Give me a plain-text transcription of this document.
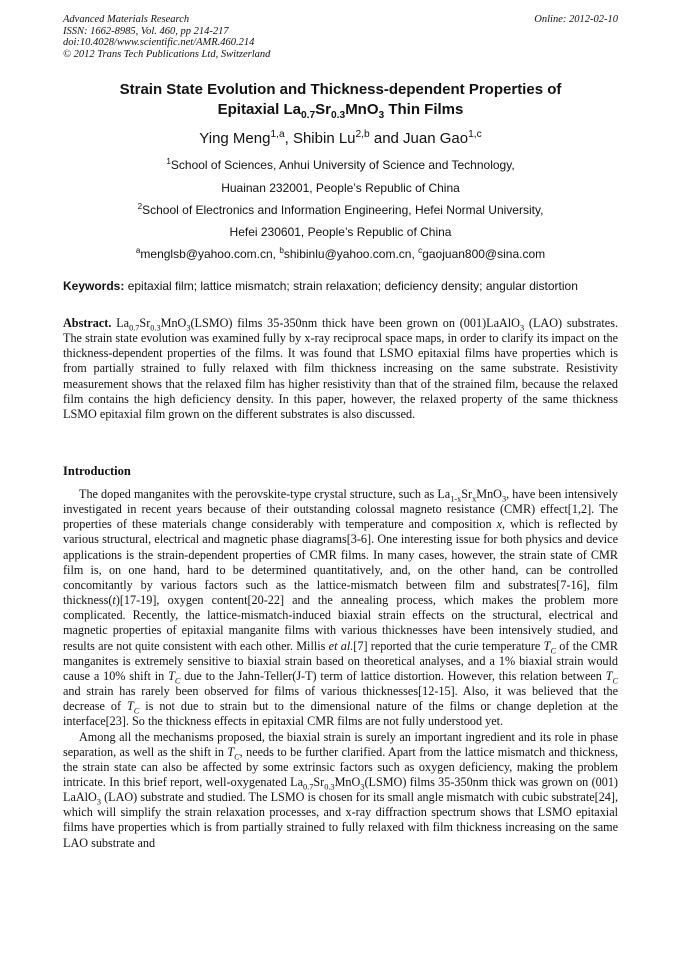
Advanced Materials Research
ISSN: 1662-8985, Vol. 460, pp 214-217
doi:10.4028/www.scientific.net/AMR.460.214
© 2012 Trans Tech Publications Ltd, Switzerland
Online: 2012-02-10
Strain State Evolution and Thickness-dependent Properties of
Epitaxial $La_{0.7}Sr_{0.3}MnO_3$ Thin Films
Ying Meng$^{1,a}$, Shibin Lu$^{2,b}$ and Juan Gao$^{1,c}$
$^1$School of Sciences, Anhui University of Science and Technology,
Huainan 232001, People’s Republic of China
$^2$School of Electronics and Information Engineering, Hefei Normal University,
Hefei 230601, People’s Republic of China
$^a$menglsb@yahoo.com.cn, $^b$shibinlu@yahoo.com.cn, $^c$gaojuan800@sina.com
Keywords: epitaxial film; lattice mismatch; strain relaxation; deficiency density; angular distortion
Abstract. $La_{0.7}Sr_{0.3}MnO_3(LSMO)$ films 35-350nm thick have been grown on (001)LaAlO$_3$ (LAO) substrates. The strain state evolution was examined fully by x-ray reciprocal space maps, in order to clarify its impact on the thickness-dependent properties of the films. It was found that LSMO epitaxial films have properties which is from partially strained to fully relaxed with film thickness increasing on the same substrate. Resistivity measurement shows that the relaxed film has higher resistivity than that of the strained film, because the relaxed film contains the high deficiency density. In this paper, however, the relaxed property of the same thickness LSMO epitaxial film grown on the different substrates is also discussed.
Introduction

The doped manganites with the perovskite-type crystal structure, such as $La_{1-x}Sr_xMnO_3$, have been intensively investigated in recent years because of their outstanding colossal magneto resistance (CMR) effect[1,2]. The properties of these materials change considerably with temperature and composition x, which is reflected by various structural, electrical and magnetic phase diagrams[3-6]. One interesting issue for both physics and device applications is the strain-dependent properties of CMR films. In many cases, however, the strain state of CMR film is, on one hand, hard to be determined quantitatively, and, on the other hand, can be controlled concomitantly by various factors such as the lattice-mismatch between film and substrates[7-16], film thickness(t)[17-19], oxygen content[20-22] and the annealing process, which makes the problem more complicated. Recently, the lattice-mismatch-induced biaxial strain effects on the structural, electrical and magnetic properties of epitaxial manganite films with various thicknesses have been intensively studied, and results are not quite consistent with each other. Millis et al.[7] reported that the curie temperature $T_C$ of the CMR manganites is extremely sensitive to biaxial strain based on theoretical analyses, and a 1% biaxial strain would cause a 10% shift in $T_C$ due to the Jahn-Teller(J-T) term of lattice distortion. However, this relation between $T_C$ and strain has rarely been observed for films of various thicknesses[12-15]. Also, it was believed that the decrease of $T_C$ is not due to strain but to the dimensional nature of the films or change depletion at the interface[23]. So the thickness effects in epitaxial CMR films are not fully understood yet.

Among all the mechanisms proposed, the biaxial strain is surely an important ingredient and its role in phase separation, as well as the shift in $T_C$, needs to be further clarified. Apart from the lattice mismatch and thickness, the strain state can also be affected by some extrinsic factors such as oxygen deficiency, making the problem intricate. In this brief report, well-oxygenated $La_{0.7}Sr_{0.3}MnO_3(LSMO)$ films 35-350nm thick was grown on (001) LaAlO$_3$ (LAO) substrate and studied. The LSMO is chosen for its small angle mismatch with cubic substrate[24], which will simplify the strain relaxation processes, and x-ray diffraction spectrum shows that LSMO epitaxial films have properties which is from partially strained to fully relaxed with film thickness increasing on the same LAO substrate and
